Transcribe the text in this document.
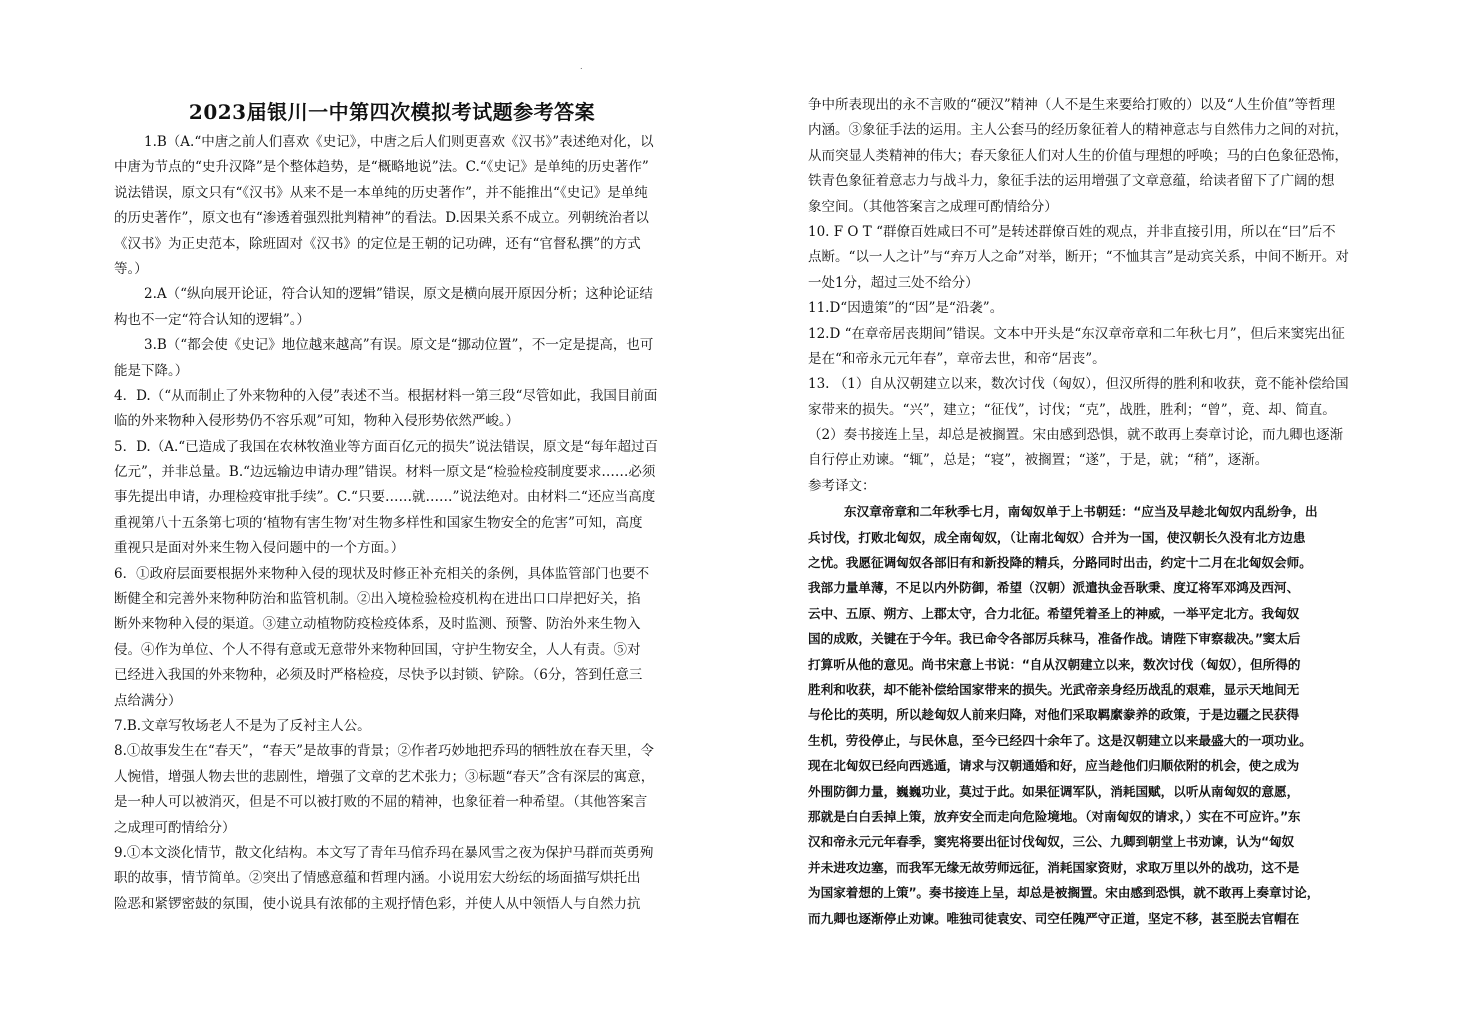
.
2023届银川一中第四次模拟考试题参考答案
1.B（A.“中唐之前人们喜欢《史记》，中唐之后人们则更喜欢《汉书》”表述绝对化，以
中唐为节点的“史升汉降”是个整体趋势，是“概略地说”法。C.“《史记》是单纯的历史著作”
说法错误，原文只有“《汉书》从来不是一本单纯的历史著作”，并不能推出“《史记》是单纯
的历史著作”，原文也有“渗透着强烈批判精神”的看法。D.因果关系不成立。列朝统治者以
《汉书》为正史范本，除班固对《汉书》的定位是王朝的记功碑，还有“官督私撰”的方式
等。）
2.A（“纵向展开论证，符合认知的逻辑”错误，原文是横向展开原因分析；这种论证结
构也不一定“符合认知的逻辑”。）
3.B（“都会使《史记》地位越来越高”有误。原文是“挪动位置”，不一定是提高，也可
能是下降。）
4．D.（“从而制止了外来物种的入侵”表述不当。根据材料一第三段“尽管如此，我国目前面
临的外来物种入侵形势仍不容乐观”可知，物种入侵形势依然严峻。）
5．D.（A.“已造成了我国在农林牧渔业等方面百亿元的损失”说法错误，原文是“每年超过百
亿元”，并非总量。B.“边远输边申请办理”错误。材料一原文是“检验检疫制度要求……必须
事先提出申请，办理检疫审批手续”。C.“只要……就……”说法绝对。由材料二“还应当高度
重视第八十五条第七项的‘植物有害生物’对生物多样性和国家生物安全的危害”可知，高度
重视只是面对外来生物入侵问题中的一个方面。）
6．①政府层面要根据外来物种入侵的现状及时修正补充相关的条例，具体监管部门也要不
断健全和完善外来物种防治和监管机制。②出入境检验检疫机构在进出口口岸把好关，掐
断外来物种入侵的渠道。③建立动植物防疫检疫体系，及时监测、预警、防治外来生物入
侵。④作为单位、个人不得有意或无意带外来物种回国，守护生物安全，人人有责。⑤对
已经进入我国的外来物种，必须及时严格检疫，尽快予以封锁、铲除。（6分，答到任意三
点给满分）
7.B.文章写牧场老人不是为了反衬主人公。
8.①故事发生在“春天”，“春天”是故事的背景；②作者巧妙地把乔玛的牺牲放在春天里，令
人惋惜，增强人物去世的悲剧性，增强了文章的艺术张力；③标题“春天”含有深层的寓意，
是一种人可以被消灭，但是不可以被打败的不屈的精神，也象征着一种希望。（其他答案言
之成理可酌情给分）
9.①本文淡化情节，散文化结构。本文写了青年马倌乔玛在暴风雪之夜为保护马群而英勇殉
职的故事，情节简单。②突出了情感意蕴和哲理内涵。小说用宏大纷纭的场面描写烘托出
险恶和紧锣密鼓的氛围，使小说具有浓郁的主观抒情色彩，并使人从中领悟人与自然力抗
争中所表现出的永不言败的“硬汉”精神（人不是生来要给打败的）以及“人生价值”等哲理
内涵。③象征手法的运用。主人公套马的经历象征着人的精神意志与自然伟力之间的对抗，
从而突显人类精神的伟大；春天象征人们对人生的价值与理想的呼唤；马的白色象征恐怖，
铁青色象征着意志力与战斗力，象征手法的运用增强了文章意蕴，给读者留下了广阔的想
象空间。（其他答案言之成理可酌情给分）
10. F O T “群僚百姓咸曰不可”是转述群僚百姓的观点，并非直接引用，所以在“曰”后不
点断。“以一人之计”与“弃万人之命”对举，断开；“不恤其言”是动宾关系，中间不断开。对
一处1分，超过三处不给分）
11.D“因遗策”的“因”是“沿袭”。
12.D “在章帝居丧期间”错误。文本中开头是“东汉章帝章和二年秋七月”，但后来窦宪出征
是在“和帝永元元年春”，章帝去世，和帝“居丧”。
13. （1）自从汉朝建立以来，数次讨伐（匈奴），但汉所得的胜利和收获，竟不能补偿给国
家带来的损失。“兴”，建立；“征伐”，讨伐；“克”，战胜，胜利；“曾”，竟、却、简直。
（2）奏书接连上呈，却总是被搁置。宋由感到恐惧，就不敢再上奏章讨论，而九卿也逐渐
自行停止劝谏。“辄”，总是；“寝”，被搁置；“遂”，于是，就；“稍”，逐渐。
参考译文：
东汉章帝章和二年秋季七月，南匈奴单于上书朝廷：“应当及早趁北匈奴内乱纷争，出
兵讨伐，打败北匈奴，成全南匈奴，（让南北匈奴）合并为一国，使汉朝长久没有北方边患
之忧。我愿征调匈奴各部旧有和新投降的精兵，分路同时出击，约定十二月在北匈奴会师。
我部力量单薄，不足以内外防御，希望（汉朝）派遣执金吾耿秉、度辽将军邓鸿及西河、
云中、五原、朔方、上郡太守，合力北征。希望凭着圣上的神威，一举平定北方。我匈奴
国的成败，关键在于今年。我已命令各部厉兵秣马，准备作战。请陛下审察裁决。”窦太后
打算听从他的意见。尚书宋意上书说：“自从汉朝建立以来，数次讨伐（匈奴），但所得的
胜利和收获，却不能补偿给国家带来的损失。光武帝亲身经历战乱的艰难，显示天地间无
与伦比的英明，所以趁匈奴人前来归降，对他们采取羁縻豢养的政策，于是边疆之民获得
生机，劳役停止，与民休息，至今已经四十余年了。这是汉朝建立以来最盛大的一项功业。
现在北匈奴已经向西逃遁，请求与汉朝通婚和好，应当趁他们归顺依附的机会，使之成为
外围防御力量，巍巍功业，莫过于此。如果征调军队，消耗国赋，以听从南匈奴的意愿，
那就是白白丢掉上策，放弃安全而走向危险境地。（对南匈奴的请求，）实在不可应许。”东
汉和帝永元元年春季，窦宪将要出征讨伐匈奴，三公、九卿到朝堂上书劝谏，认为“匈奴
并未进攻边塞，而我军无缘无故劳师远征，消耗国家资财，求取万里以外的战功，这不是
为国家着想的上策”。奏书接连上呈，却总是被搁置。宋由感到恐惧，就不敢再上奏章讨论，
而九卿也逐渐停止劝谏。唯独司徒袁安、司空任隗严守正道，坚定不移，甚至脱去官帽在
